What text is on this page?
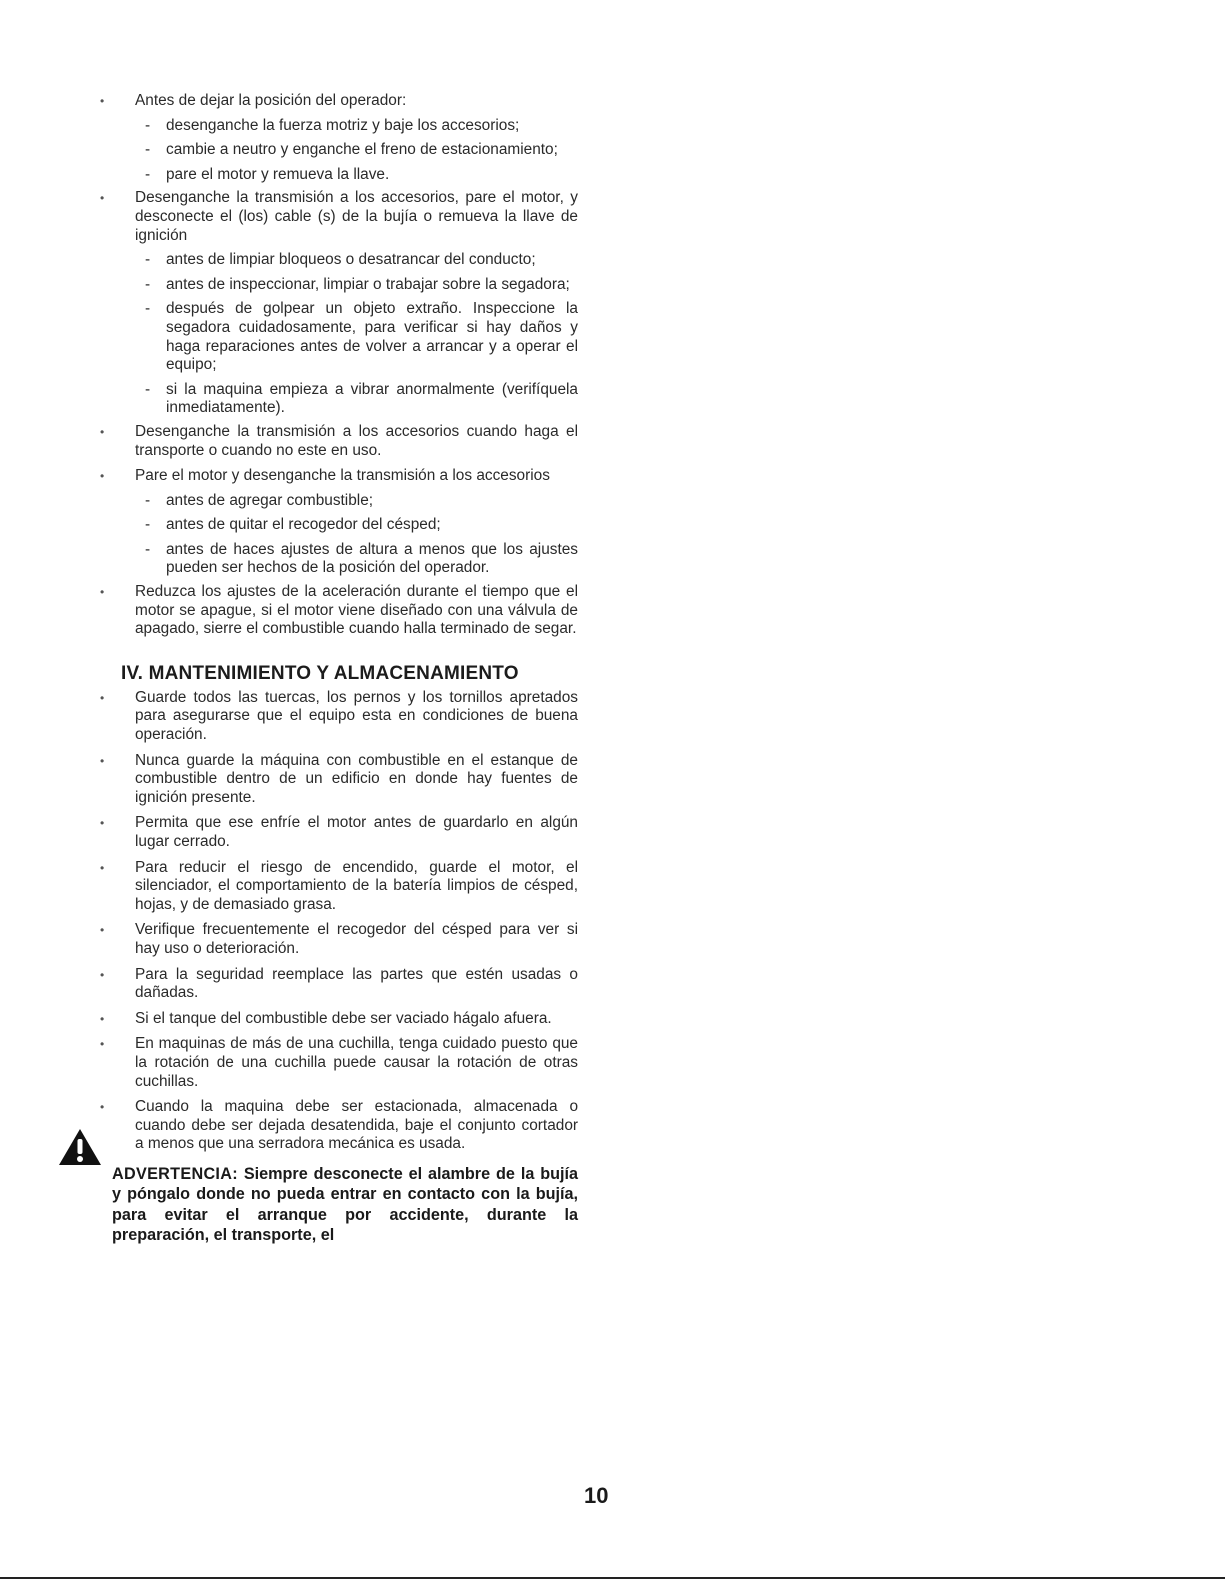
• Antes de dejar la posición del operador:
- desenganche la fuerza motriz y baje los accesorios;
- cambie a neutro y enganche el freno de estacionamiento;
- pare el motor y remueva la llave.
• Desenganche la transmisión a los accesorios, pare el motor, y desconecte el (los) cable (s) de la bujía o remueva la llave de ignición
- antes de limpiar bloqueos o desatrancar del conducto;
- antes de inspeccionar, limpiar o trabajar sobre la segadora;
- después de golpear un objeto extraño. Inspeccione la segadora cuidadosamente, para verificar si hay daños y haga reparaciones antes de volver a arrancar y a operar el equipo;
- si la maquina empieza a vibrar anormalmente (verifíquela inmediatamente).
• Desenganche la transmisión a los accesorios cuando haga el transporte o cuando no este en uso.
• Pare el motor y desenganche la transmisión a los accesorios
- antes de agregar combustible;
- antes de quitar el recogedor del césped;
- antes de haces ajustes de altura a menos que los ajustes pueden ser hechos de la posición del operador.
• Reduzca los ajustes de la aceleración durante el tiempo que el motor se apague, si el motor viene diseñado con una válvula de apagado, sierre el combustible cuando halla terminado de segar.
IV. MANTENIMIENTO Y ALMACENAMIENTO
• Guarde todos las tuercas, los pernos y los tornillos apretados para asegurarse que el equipo esta en condiciones de buena operación.
• Nunca guarde la máquina con combustible en el estanque de combustible dentro de un edificio en donde hay fuentes de ignición presente.
• Permita que ese enfríe el motor antes de guardarlo en algún lugar cerrado.
• Para reducir el riesgo de encendido, guarde el motor, el silenciador, el comportamiento de la batería limpios de césped, hojas, y de demasiado grasa.
• Verifique frecuentemente el recogedor del césped para ver si hay uso o deterioración.
• Para la seguridad reemplace las partes que estén usadas o dañadas.
• Si el tanque del combustible debe ser vaciado hágalo afuera.
• En maquinas de más de una cuchilla, tenga cuidado puesto que la rotación de una cuchilla puede causar la rotación de otras cuchillas.
• Cuando la maquina debe ser estacionada, almacenada o cuando debe ser dejada desatendida, baje el conjunto cortador a menos que una serradora mecánica es usada.
ADVERTENCIA: Siempre desconecte el alambre de la bujía y póngalo donde no pueda entrar en contacto con la bujía, para evitar el arranque por accidente, durante la preparación, el transporte, el
10
